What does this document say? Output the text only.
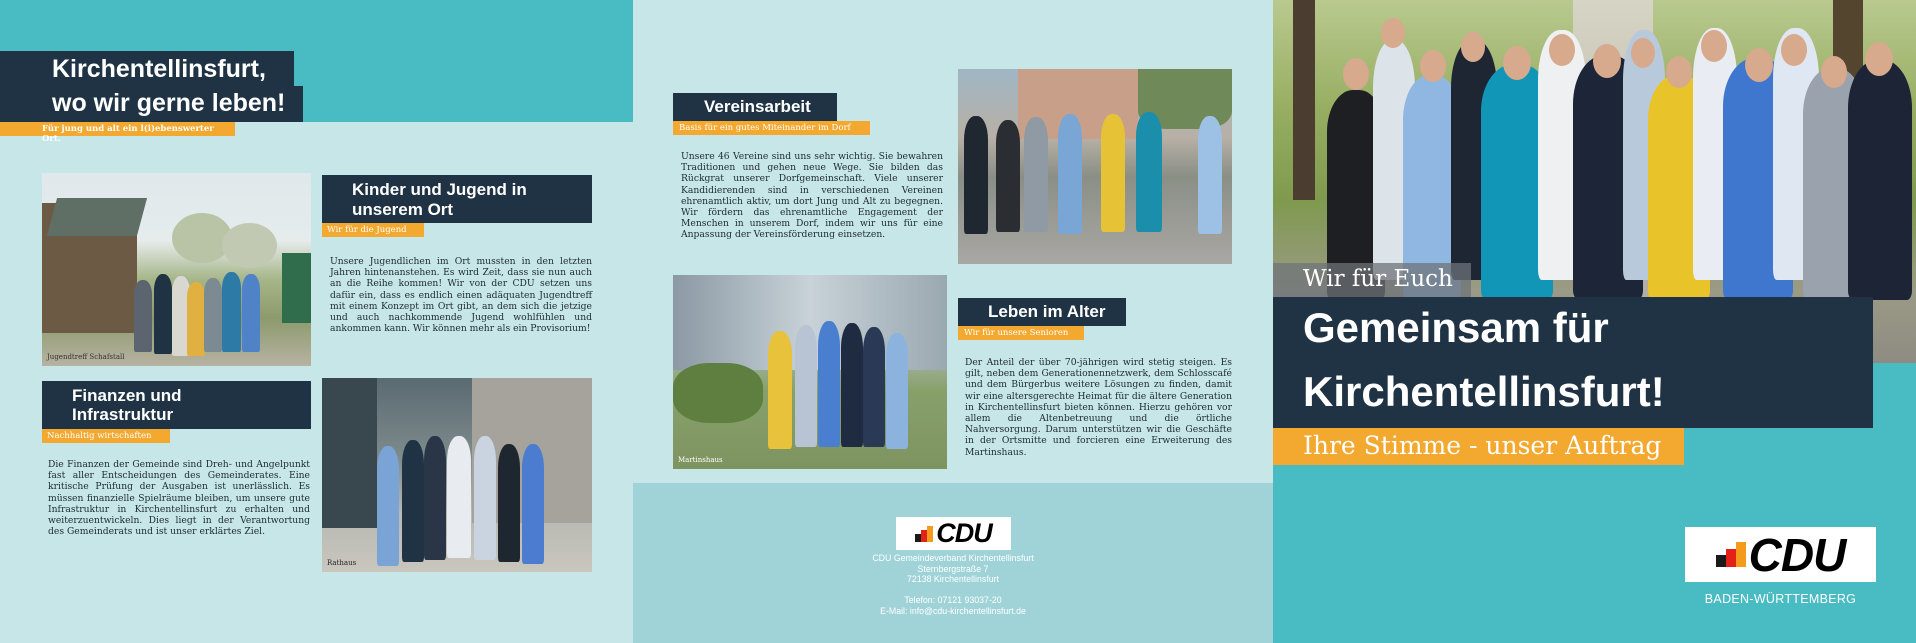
Kirchentellinsfurt,
wo wir gerne leben!
Für jung und alt ein l(i)ebenswerter Ort.
Jugendtreff Schafstall
Kinder und Jugend in
unserem Ort
Wir für die Jugend
Unsere Jugendlichen im Ort mussten in den letzten Jahren hintenanstehen. Es wird Zeit, dass sie nun auch an die Reihe kommen! Wir von der CDU setzen uns dafür ein, dass es endlich einen adäquaten Jugendtreff mit einem Konzept im Ort gibt, an dem sich die jetzige und auch nachkommende Jugend wohlfühlen und ankommen kann. Wir können mehr als ein Provisorium!
Finanzen und
Infrastruktur
Nachhaltig wirtschaften
Die Finanzen der Gemeinde sind Dreh- und Angelpunkt fast aller Entscheidungen des Gemeinderates. Eine kritische Prüfung der Ausgaben ist unerlässlich. Es müssen finanzielle Spielräume bleiben, um unsere gute Infrastruktur in Kirchentellinsfurt zu erhalten und weiterzuentwickeln. Dies liegt in der Verantwortung des Gemeinderats und ist unser erklärtes Ziel.
Rathaus
Vereinsarbeit
Basis für ein gutes Miteinander im Dorf
Unsere 46 Vereine sind uns sehr wichtig. Sie bewahren Traditionen und gehen neue Wege. Sie bilden das Rückgrat unserer Dorfgemeinschaft. Viele unserer Kandidierenden sind in verschiedenen Vereinen ehrenamtlich aktiv, um dort Jung und Alt zu begegnen. Wir fördern das ehrenamtliche Engagement der Menschen in unserem Dorf, indem wir uns für eine Anpassung der Vereinsförderung einsetzen.
Martinshaus
Leben im Alter
Wir für unsere Senioren
Der Anteil der über 70-jährigen wird stetig steigen. Es gilt, neben dem Generationennetzwerk, dem Schlosscafé und dem Bürgerbus weitere Lösungen zu finden, damit wir eine altersgerechte Heimat für die ältere Generation in Kirchentellinsfurt bieten können. Hierzu gehören vor allem die Altenbetreuung und die örtliche Nahversorgung. Darum unterstützen wir die Geschäfte in der Ortsmitte und forcieren eine Erweiterung des Martinshaus.
CDU
CDU Gemeindeverband Kirchentellinsfurt
Sternbergstraße 7
72138 Kirchentellinsfurt
Telefon: 07121 93037-20
E-Mail: info@cdu-kirchentellinsfurt.de
Wir für Euch
Gemeinsam für
Kirchentellinsfurt!
Ihre Stimme - unser Auftrag
CDU
BADEN-WÜRTTEMBERG
